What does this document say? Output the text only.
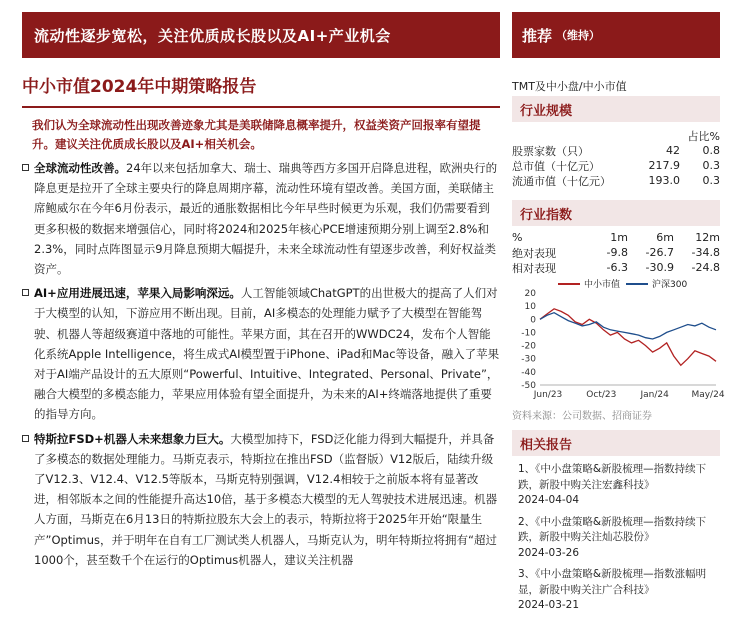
流动性逐步宽松，关注优质成长股以及AI+产业机会
中小市值2024年中期策略报告
我们认为全球流动性出现改善迹象尤其是美联储降息概率提升，权益类资产回报率有望提升。建议关注优质成长股以及AI+相关机会。
全球流动性改善。24年以来包括加拿大、瑞士、瑞典等西方多国开启降息进程，欧洲央行的降息更是拉开了全球主要央行的降息周期序幕，流动性环境有望改善。美国方面，美联储主席鲍威尔在今年6月份表示，最近的通胀数据相比今年早些时候更为乐观，我们仍需要看到更多积极的数据来增强信心，同时将2024和2025年核心PCE增速预期分别上调至2.8%和2.3%，同时点阵图显示9月降息预期大幅提升，未来全球流动性有望逐步改善，利好权益类资产。
AI+应用进展迅速，苹果入局影响深远。人工智能领域ChatGPT的出世极大的提高了人们对于大模型的认知，下游应用不断出现。目前，AI多模态的处理能力赋予了大模型在智能驾驶、机器人等超级赛道中落地的可能性。苹果方面，其在召开的WWDC24，发布个人智能化系统Apple Intelligence，将生成式AI模型置于iPhone、iPad和Mac等设备，融入了苹果对于AI端产品设计的五大原则“Powerful、Intuitive、Integrated、Personal、Private”，融合大模型的多模态能力，苹果应用体验有望全面提升，为未来的AI+终端落地提供了重要的指导方向。
特斯拉FSD+机器人未来想象力巨大。大模型加持下，FSD泛化能力得到大幅提升，并具备了多模态的数据处理能力。马斯克表示，特斯拉在推出FSD（监督版）V12版后，陆续升级了V12.3、V12.4、V12.5等版本，马斯克特别强调，V12.4相较于之前版本将有显著改进，相邻版本之间的性能提升高达10倍，基于多模态大模型的无人驾驶技术进展迅速。机器人方面，马斯克在6月13日的特斯拉股东大会上的表示，特斯拉将于2025年开始“限量生产”Optimus，并于明年在自有工厂测试类人机器人，马斯克认为，明年特斯拉将拥有“超过1000个，甚至数千个在运行的Optimus机器人，建议关注机器
推荐 （维持）
TMT及中小盘/中小市值
行业规模
占比%
股票家数（只）	42	0.8
总市值（十亿元）	217.9	0.3
流通市值（十亿元）	193.0	0.3
行业指数
%	1m	6m	12m
绝对表现	-9.8	-26.7	-34.8
相对表现	-6.3	-30.9	-24.8
中小市值	沪深300
20
10
0
-10
-20
-30
-40
-50
Jun/23	Oct/23	Jan/24	May/24
资料来源：公司数据、招商证券
相关报告
1、《中小盘策略&新股梳理—指数持续下跌，新股中购关注宏鑫科技》
2024-04-04
2、《中小盘策略&新股梳理—指数持续下跌，新股中购关注灿芯股份》
2024-03-26
3、《中小盘策略&新股梳理—指数涨幅明显，新股中购关注广合科技》
2024-03-21
